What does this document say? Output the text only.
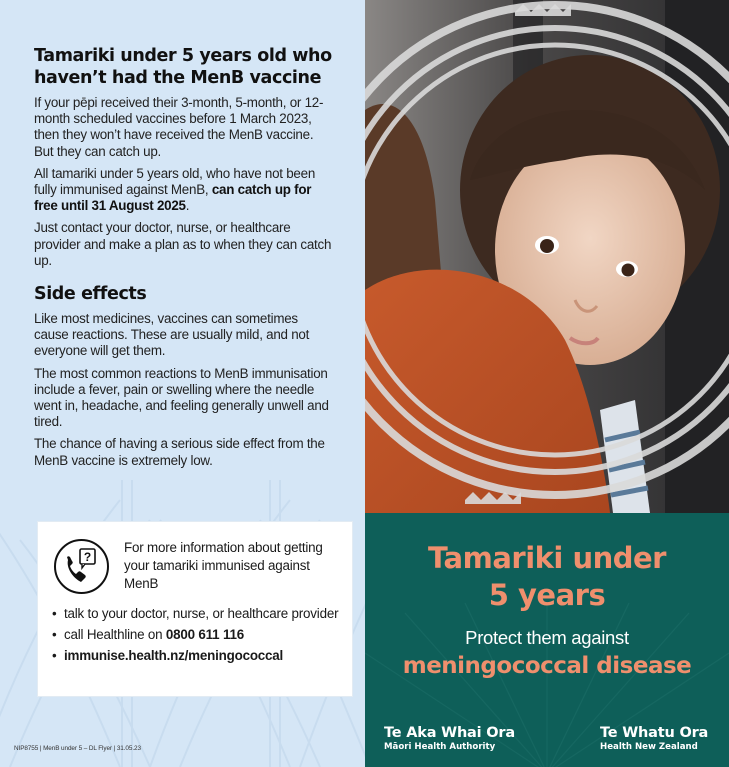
Tamariki under 5 years old who haven’t had the MenB vaccine

If your pēpi received their 3-month, 5-month, or 12-month scheduled vaccines before 1 March 2023, then they won’t have received the MenB vaccine. But they can catch up.

All tamariki under 5 years old, who have not been fully immunised against MenB, can catch up for free until 31 August 2025.

Just contact your doctor, nurse, or healthcare provider and make a plan as to when they can catch up.

Side effects

Like most medicines, vaccines can sometimes cause reactions. These are usually mild, and not everyone will get them.

The most common reactions to MenB immunisation include a fever, pain or swelling where the needle went in, headache, and feeling generally unwell and tired.

The chance of having a serious side effect from the MenB vaccine is extremely low.

?
For more information about getting your tamariki immunised against MenB
• talk to your doctor, nurse, or healthcare provider
• call Healthline on 0800 611 116
• immunise.health.nz/meningococcal
NIP8755 | MenB under 5 – DL Flyer | 31.05.23
Tamariki under
5 years
Protect them against
meningococcal disease
Te Aka Whai Ora
Māori Health Authority
Te Whatu Ora
Health New Zealand
